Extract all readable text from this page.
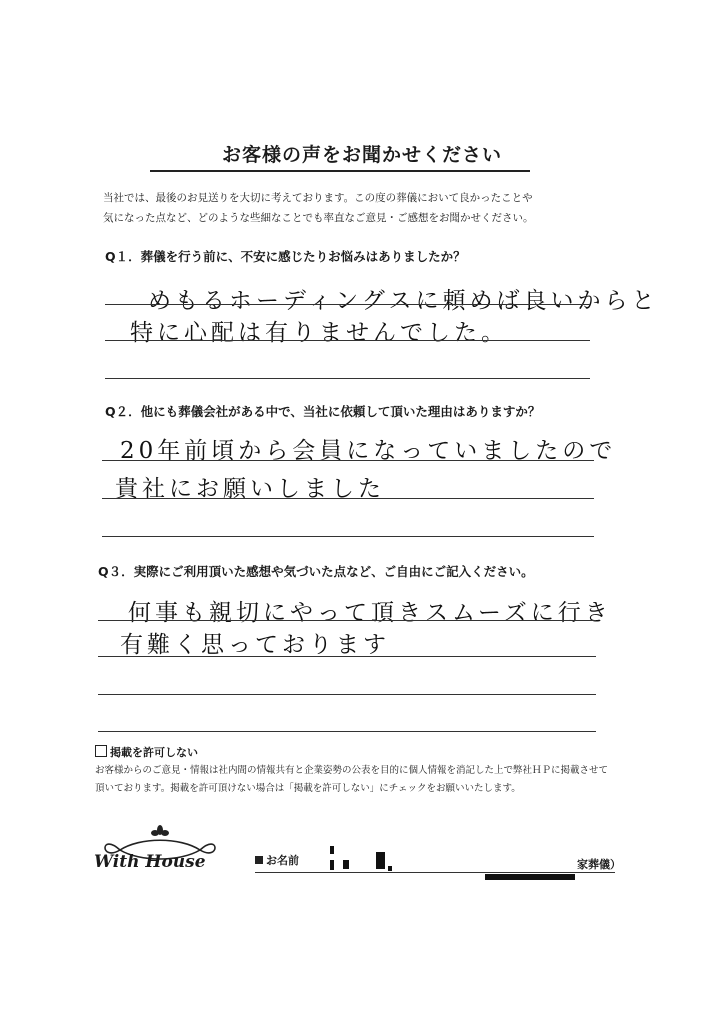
お客様の声をお聞かせください
当社では、最後のお見送りを大切に考えております。この度の葬儀において良かったことや
気になった点など、どのような些細なことでも率直なご意見・ご感想をお聞かせください。
Q１．葬儀を行う前に、不安に感じたりお悩みはありましたか？
めもるホーディングスに頼めば良いからと
特に心配は有りませんでした。
Q２．他にも葬儀会社がある中で、当社に依頼して頂いた理由はありますか？
20年前頃から会員になっていましたので
貴社にお願いしました
Q３．実際にご利用頂いた感想や気づいた点など、ご自由にご記入ください。
何事も親切にやって頂きスムーズに行き
有難く思っております
掲載を許可しない
お客様からのご意見・情報は社内間の情報共有と企業姿勢の公表を目的に個人情報を消記した上で弊社ＨＰに掲載させて
頂いております。掲載を許可頂けない場合は「掲載を許可しない」にチェックをお願いいたします。
With House	お名前	家葬儀）
